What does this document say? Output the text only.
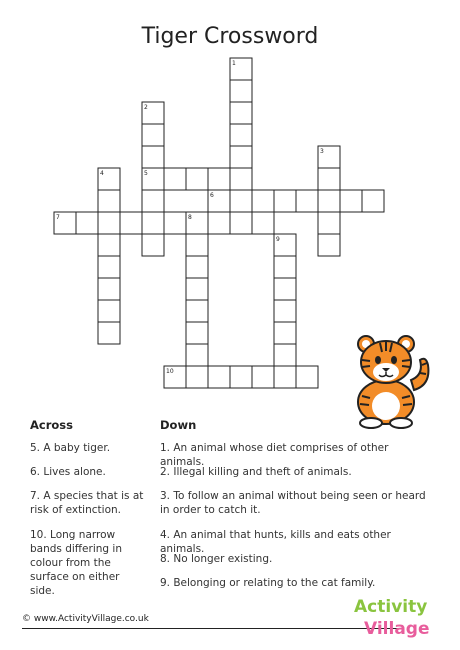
Tiger Crossword
5
6
7
10
1
2
3
4
8
9
Across	Down
5. A baby tiger.
6. Lives alone.
7. A species that is at risk of extinction.
10. Long narrow bands differing in colour from the surface on either side.
1. An animal whose diet comprises of other animals.
2. Illegal killing and theft of animals.
3. To follow an animal without being seen or heard in order to catch it.
4. An animal that hunts, kills and eats other animals.
8. No longer existing.
9. Belonging or relating to the cat family.
© www.ActivityVillage.co.uk
Activity
Village
